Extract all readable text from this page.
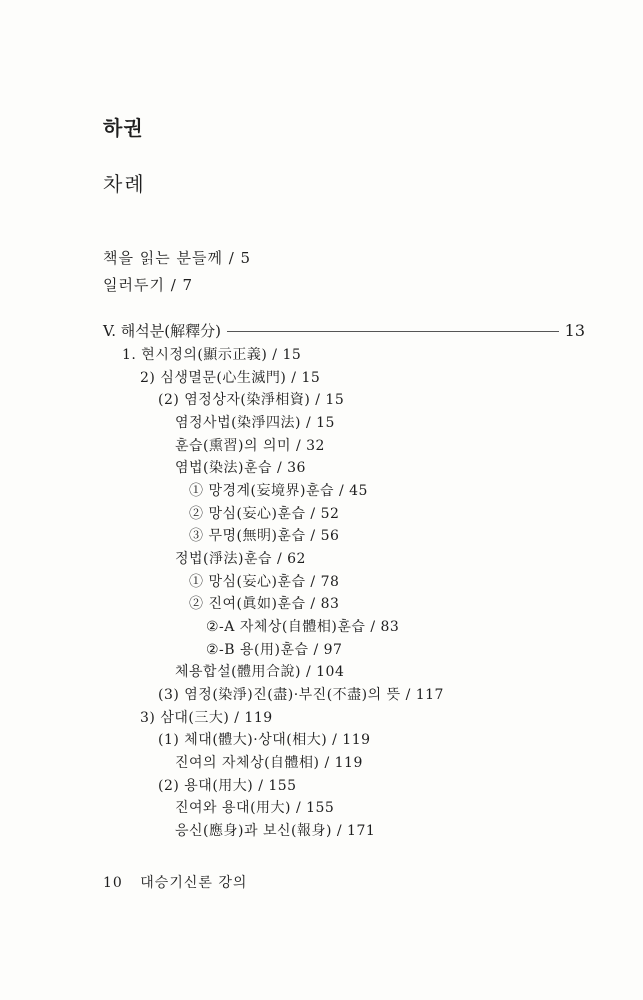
하권
차례
책을 읽는 분들께 / 5
일러두기 / 7
V. 해석분(解釋分)	13
1. 현시정의(顯示正義) / 15
2) 심생멸문(心生滅門) / 15
(2) 염정상자(染淨相資) / 15
염정사법(染淨四法) / 15
훈습(熏習)의 의미 / 32
염법(染法)훈습 / 36
① 망경계(妄境界)훈습 / 45
② 망심(妄心)훈습 / 52
③ 무명(無明)훈습 / 56
정법(淨法)훈습 / 62
① 망심(妄心)훈습 / 78
② 진여(眞如)훈습 / 83
②-A 자체상(自體相)훈습 / 83
②-B 용(用)훈습 / 97
체용합설(體用合說) / 104
(3) 염정(染淨)진(盡)·부진(不盡)의 뜻 / 117
3) 삼대(三大) / 119
(1) 체대(體大)·상대(相大) / 119
진여의 자체상(自體相) / 119
(2) 용대(用大) / 155
진여와 용대(用大) / 155
응신(應身)과 보신(報身) / 171
10 대승기신론 강의
